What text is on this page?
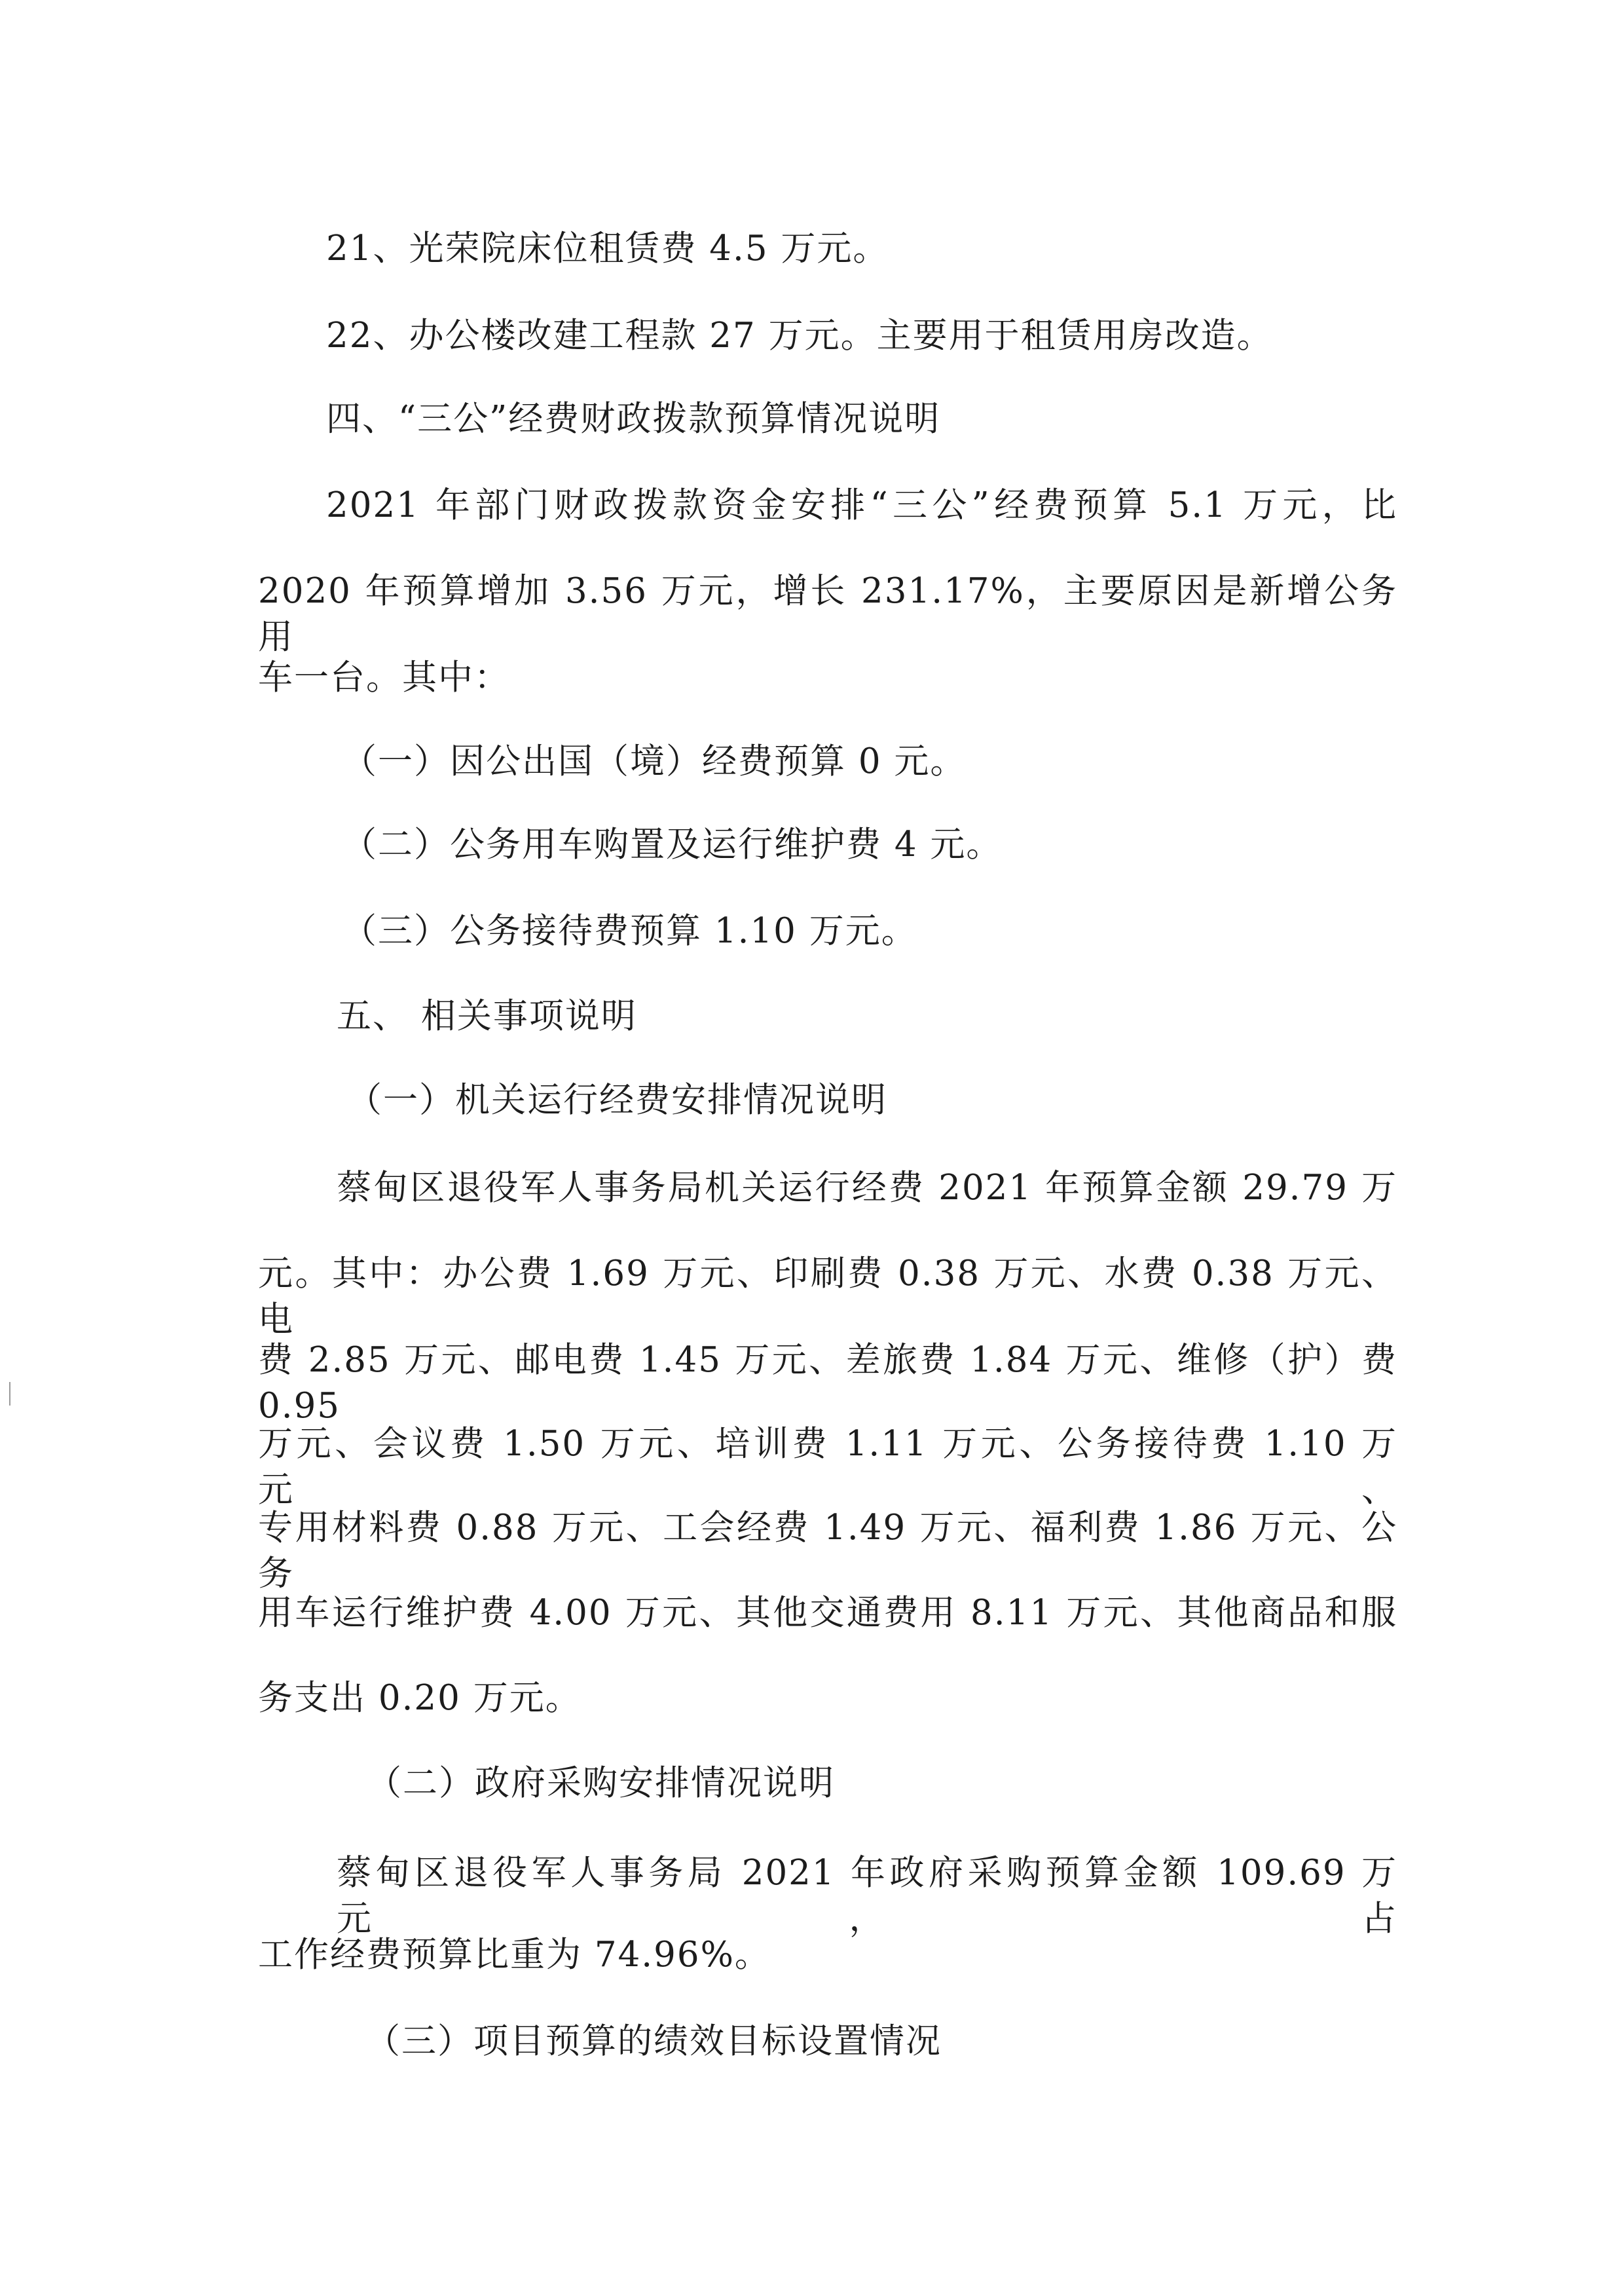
21、光荣院床位租赁费 4.5 万元。
22、办公楼改建工程款 27 万元。主要用于租赁用房改造。
四、“三公”经费财政拨款预算情况说明
2021 年部门财政拨款资金安排“三公”经费预算 5.1 万元，比
2020 年预算增加 3.56 万元，增长 231.17%，主要原因是新增公务用
车一台。其中：
（一）因公出国（境）经费预算 0 元。
（二）公务用车购置及运行维护费 4 元。
（三）公务接待费预算 1.10 万元。
五、 相关事项说明
（一）机关运行经费安排情况说明
蔡甸区退役军人事务局机关运行经费 2021 年预算金额 29.79 万
元。其中：办公费 1.69 万元、印刷费 0.38 万元、水费 0.38 万元、电
费 2.85 万元、邮电费 1.45 万元、差旅费 1.84 万元、维修（护）费 0.95
万元、会议费 1.50 万元、培训费 1.11 万元、公务接待费 1.10 万元、
专用材料费 0.88 万元、工会经费 1.49 万元、福利费 1.86 万元、公务
用车运行维护费 4.00 万元、其他交通费用 8.11 万元、其他商品和服
务支出 0.20 万元。
（二）政府采购安排情况说明
蔡甸区退役军人事务局 2021 年政府采购预算金额 109.69 万元，占
工作经费预算比重为 74.96%。
（三）项目预算的绩效目标设置情况
